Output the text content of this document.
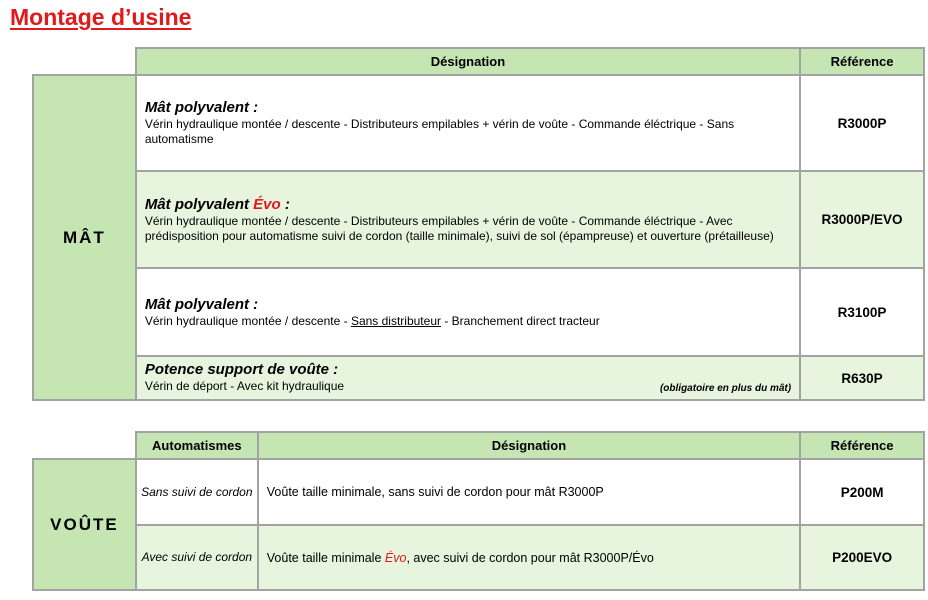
Montage d’usine
	Désignation	Référence
MÂT	Mât polyvalent :
Vérin hydraulique montée / descente - Distributeurs empilables + vérin de voûte - Commande éléctrique - Sans automatisme	R3000P

	Mât polyvalent Évo :
Vérin hydraulique montée / descente - Distributeurs empilables + vérin de voûte - Commande éléctrique - Avec prédisposition pour automatisme suivi de cordon (taille minimale), suivi de sol (épampreuse) et ouverture (prétailleuse)	R3000P/EVO

	Mât polyvalent :
Vérin hydraulique montée / descente - Sans distributeur - Branchement direct tracteur	R3100P

	Potence support de voûte :
(obligatoire en plus du mât)
Vérin de déport - Avec kit hydraulique	R630P
	Automatismes	Désignation	Référence
VOÛTE	Sans suivi de cordon	Voûte taille minimale, sans suivi de cordon pour mât R3000P	P200M
	Avec suivi de cordon	Voûte taille minimale Évo, avec suivi de cordon pour mât R3000P/Évo	P200EVO
